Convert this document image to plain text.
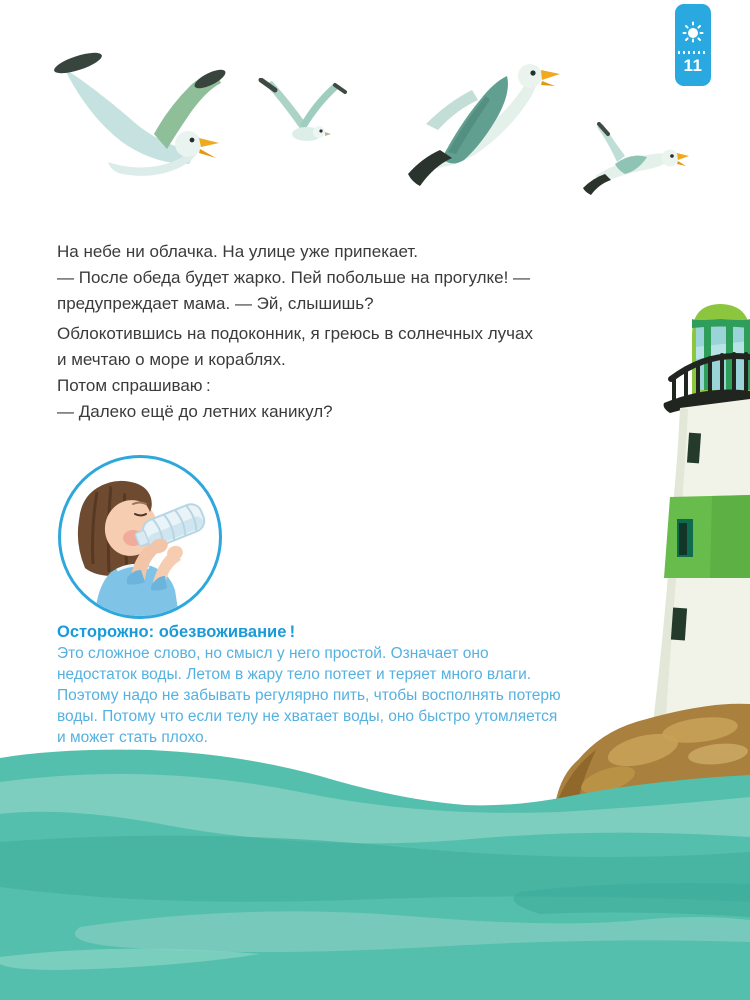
11
На небе ни облачка. На улице уже припекает.
— После обеда будет жарко. Пей побольше на прогулке! —
предупреждает мама. — Эй, слышишь?
Облокотившись на подоконник, я греюсь в солнечных лучах
и мечтаю о море и кораблях.
Потом спрашиваю :
— Далеко ещё до летних каникул?
Осторожно: обезвоживание !
Это сложное слово, но смысл у него простой. Означает оно
недостаток воды. Летом в жару тело потеет и теряет много влаги.
Поэтому надо не забывать регулярно пить, чтобы восполнять потерю
воды. Потому что если телу не хватает воды, оно быстро утомляется
и может стать плохо.
